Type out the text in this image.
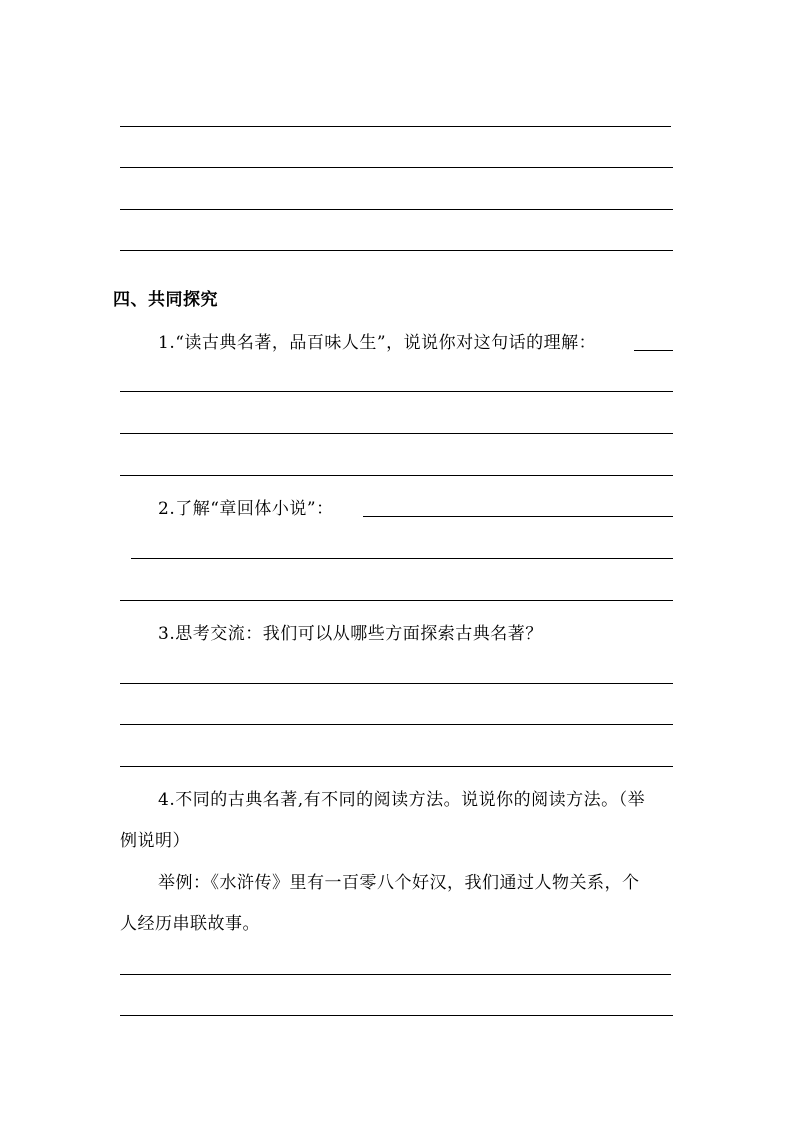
四、共同探究
1.“读古典名著，品百味人生”，说说你对这句话的理解：
2.了解“章回体小说”：
3.思考交流：我们可以从哪些方面探索古典名著？
4.不同的古典名著,有不同的阅读方法。说说你的阅读方法。（举
例说明）
举例：《水浒传》里有一百零八个好汉，我们通过人物关系，个
人经历串联故事。
